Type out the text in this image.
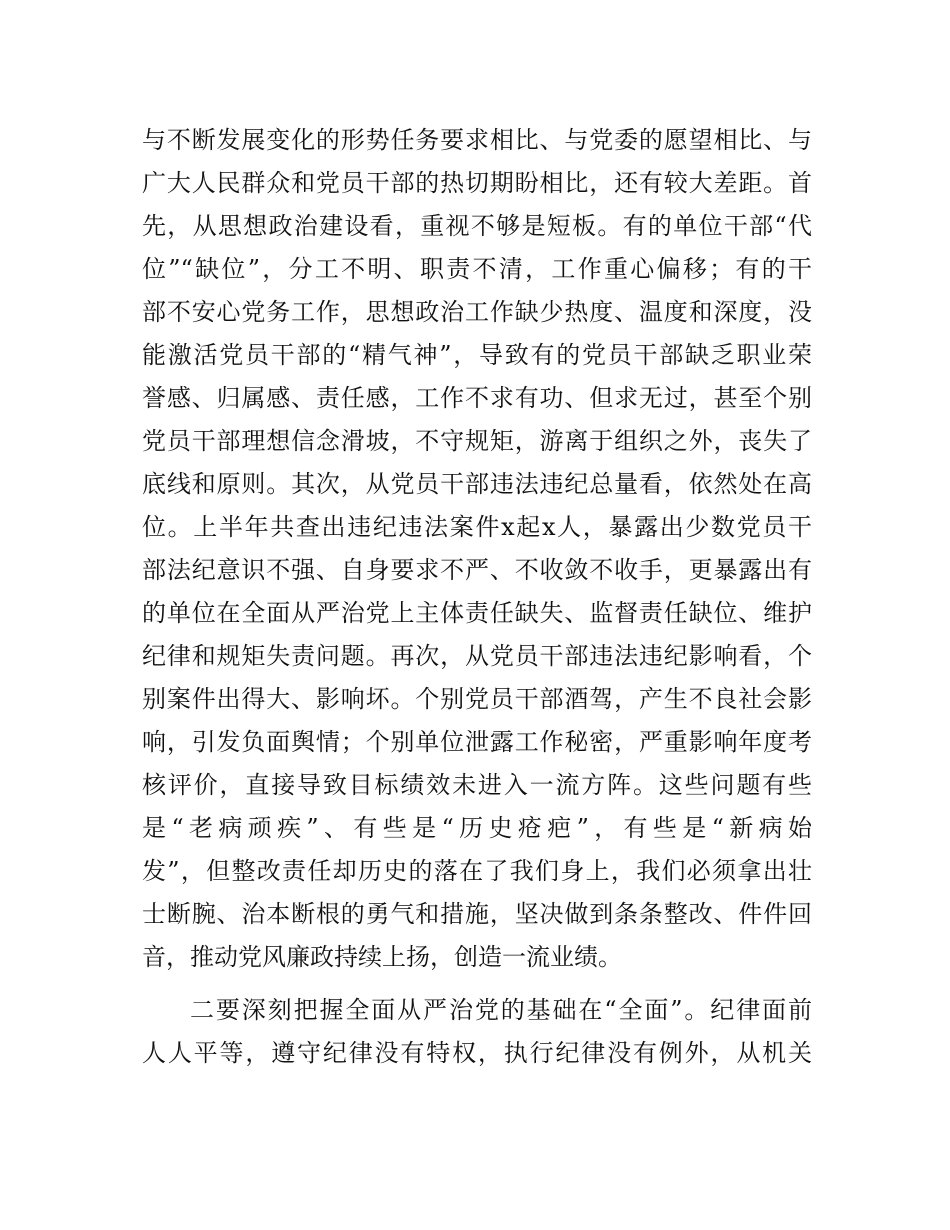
与不断发展变化的形势任务要求相比、与党委的愿望相比、与
广大人民群众和党员干部的热切期盼相比，还有较大差距。首
先，从思想政治建设看，重视不够是短板。有的单位干部“代
位”“缺位”，分工不明、职责不清，工作重心偏移；有的干
部不安心党务工作，思想政治工作缺少热度、温度和深度，没
能激活党员干部的“精气神”，导致有的党员干部缺乏职业荣
誉感、归属感、责任感，工作不求有功、但求无过，甚至个别
党员干部理想信念滑坡，不守规矩，游离于组织之外，丧失了
底线和原则。其次，从党员干部违法违纪总量看，依然处在高
位。上半年共查出违纪违法案件x起x人，暴露出少数党员干
部法纪意识不强、自身要求不严、不收敛不收手，更暴露出有
的单位在全面从严治党上主体责任缺失、监督责任缺位、维护
纪律和规矩失责问题。再次，从党员干部违法违纪影响看，个
别案件出得大、影响坏。个别党员干部酒驾，产生不良社会影
响，引发负面舆情；个别单位泄露工作秘密，严重影响年度考
核评价，直接导致目标绩效未进入一流方阵。这些问题有些
是“老病顽疾”、有些是“历史疮疤”，有些是“新病始
发”，但整改责任却历史的落在了我们身上，我们必须拿出壮
士断腕、治本断根的勇气和措施，坚决做到条条整改、件件回
音，推动党风廉政持续上扬，创造一流业绩。
二要深刻把握全面从严治党的基础在“全面”。纪律面前
人人平等，遵守纪律没有特权，执行纪律没有例外，从机关
